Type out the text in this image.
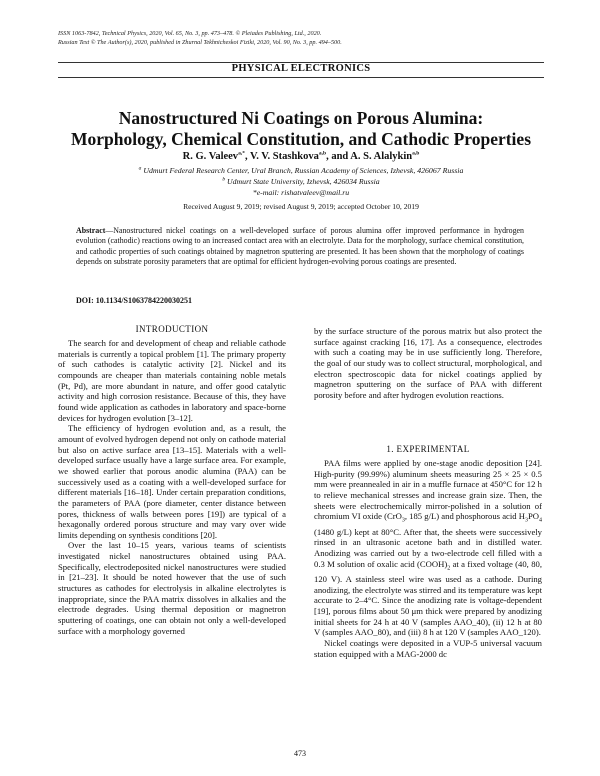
ISSN 1063-7842, Technical Physics, 2020, Vol. 65, No. 3, pp. 473–478. © Pleiades Publishing, Ltd., 2020.
Russian Text © The Author(s), 2020, published in Zhurnal Tekhnicheskoi Fiziki, 2020, Vol. 90, No. 3, pp. 494–500.
PHYSICAL ELECTRONICS
Nanostructured Ni Coatings on Porous Alumina:
Morphology, Chemical Constitution, and Cathodic Properties
R. G. Valeev$^{a,*}$, V. V. Stashkova$^{a,b}$, and A. S. Alalykin$^{a,b}$
$^a$ Udmurt Federal Research Center, Ural Branch, Russian Academy of Sciences, Izhevsk, 426067 Russia
$^b$ Udmurt State University, Izhevsk, 426034 Russia
*e-mail: rishatvaleev@mail.ru
Received August 9, 2019; revised August 9, 2019; accepted October 10, 2019
Abstract—Nanostructured nickel coatings on a well-developed surface of porous alumina offer improved performance in hydrogen evolution (cathodic) reactions owing to an increased contact area with an electrolyte. Data for the morphology, surface chemical constitution, and cathodic properties of such coatings obtained by magnetron sputtering are presented. It has been shown that the morphology of coatings depends on substrate porosity parameters that are optimal for efficient hydrogen-evolving porous coatings are presented.
DOI: 10.1134/S1063784220030251
INTRODUCTION

The search for and development of cheap and reliable cathode materials is currently a topical problem [1]. The primary property of such cathodes is catalytic activity [2]. Nickel and its compounds are cheaper than materials containing noble metals (Pt, Pd), are more abundant in nature, and offer good catalytic activity and high corrosion resistance. Because of this, they have found wide application as cathodes in laboratory and space-borne devices for hydrogen evolution [3–12].

The efficiency of hydrogen evolution and, as a result, the amount of evolved hydrogen depend not only on cathode material but also on active surface area [13–15]. Materials with a well-developed surface usually have a large surface area. For example, we showed earlier that porous anodic alumina (PAA) can be successively used as a coating with a well-developed surface for different materials [16–18]. Under certain preparation conditions, the parameters of PAA (pore diameter, center distance between pores, thickness of walls between pores [19]) are typical of a hexagonally ordered porous structure and may vary over wide limits depending on synthesis conditions [20].

Over the last 10–15 years, various teams of scientists investigated nickel nanostructures obtained using PAA. Specifically, electrodeposited nickel nanostructures were studied in [21–23]. It should be noted however that the use of such structures as cathodes for electrolysis in alkaline electrolytes is inappropriate, since the PAA matrix dissolves in alkalies and the electrode degrades. Using thermal deposition or magnetron sputtering of coatings, one can obtain not only a well-developed surface with a morphology governed

by the surface structure of the porous matrix but also protect the surface against cracking [16, 17]. As a consequence, electrodes with such a coating may be in use sufficiently long. Therefore, the goal of our study was to collect structural, morphological, and electron spectroscopic data for nickel coatings applied by magnetron sputtering on the surface of PAA with different porosity before and after hydrogen evolution reactions.

1. EXPERIMENTAL

PAA films were applied by one-stage anodic deposition [24]. High-purity (99.99%) aluminum sheets measuring 25 × 25 × 0.5 mm were preannealed in air in a muffle furnace at 450°C for 12 h to relieve mechanical stresses and increase grain size. Then, the sheets were electrochemically mirror-polished in a solution of chromium VI oxide (CrO$_3$, 185 g/L) and phosphorous acid $H_3PO_4$ (1480 g/L) kept at 80°C. After that, the sheets were successively rinsed in an ultrasonic acetone bath and in distilled water. Anodizing was carried out by a two-electrode cell filled with a 0.3 M solution of oxalic acid $(COOH)_2$ at a fixed voltage (40, 80, 120 V). A stainless steel wire was used as a cathode. During anodizing, the electrolyte was stirred and its temperature was kept accurate to 2–4°C. Since the anodizing rate is voltage-dependent [19], porous films about 50 μm thick were prepared by anodizing initial sheets for 24 h at 40 V (samples AAO_40), (ii) 12 h at 80 V (samples AAO_80), and (iii) 8 h at 120 V (samples AAO_120).

Nickel coatings were deposited in a VUP-5 universal vacuum station equipped with a MAG-2000 dc

473
